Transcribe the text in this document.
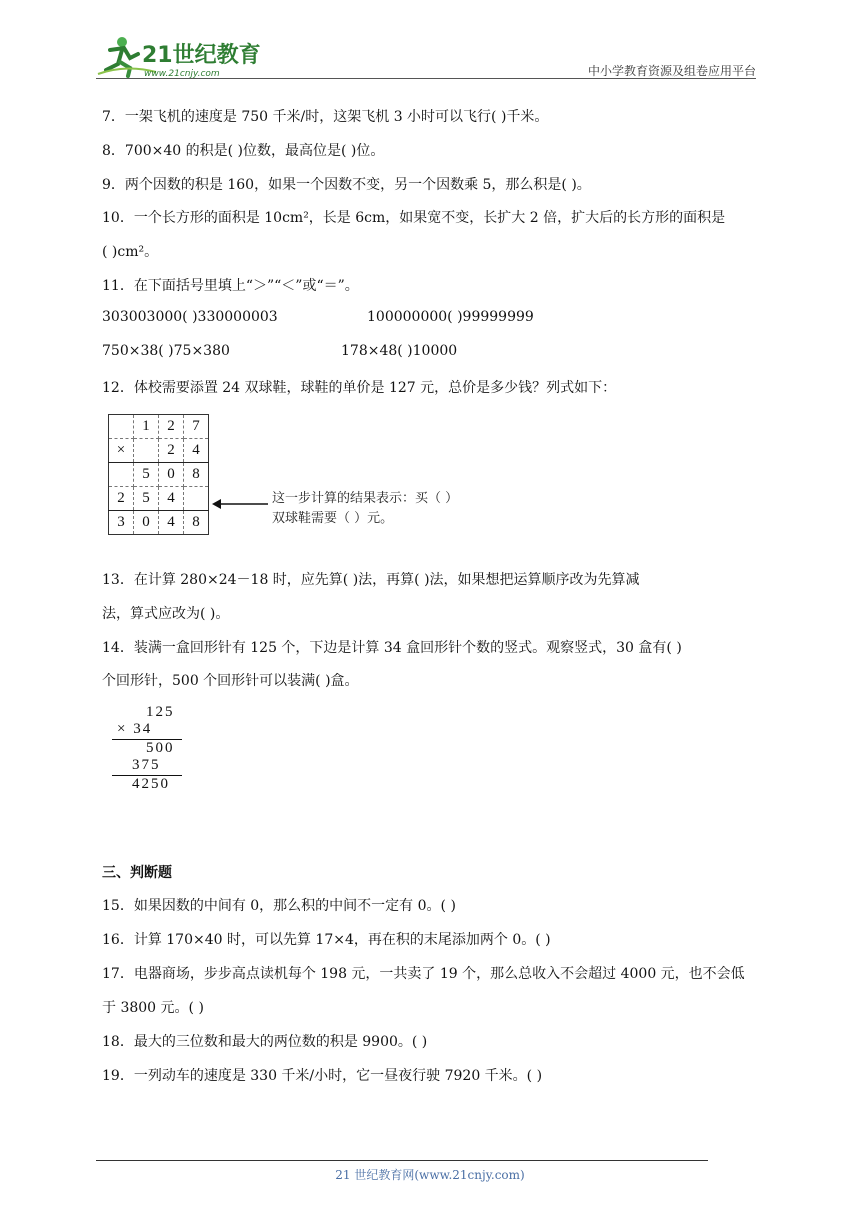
21世纪教育
www.21cnjy.com	中小学教育资源及组卷应用平台
7．一架飞机的速度是 750 千米/时，这架飞机 3 小时可以飞行( )千米。
8．700×40 的积是( )位数，最高位是( )位。
9．两个因数的积是 160，如果一个因数不变，另一个因数乘 5，那么积是( )。
10．一个长方形的面积是 10cm²，长是 6cm，如果宽不变，长扩大 2 倍，扩大后的长方形的面积是
( )cm²。
11．在下面括号里填上“＞”“＜”或“＝”。
303003000( )330000003	100000000( )99999999
750×38( )75×380	178×48( )10000
12．体校需要添置 24 双球鞋，球鞋的单价是 127 元，总价是多少钱？列式如下：
	1	2	7
×		2	4
	5	0	8
2	5	4	
3	0	4	8
这一步计算的结果表示：买（ ）
双球鞋需要（ ）元。
13．在计算 280×24－18 时，应先算( )法，再算( )法，如果想把运算顺序改为先算减
法，算式应改为( )。
14．装满一盒回形针有 125 个，下边是计算 34 盒回形针个数的竖式。观察竖式，30 盒有( )
个回形针，500 个回形针可以装满( )盒。
125
× 34
500
375
4250
三、判断题
15．如果因数的中间有 0，那么积的中间不一定有 0。( )
16．计算 170×40 时，可以先算 17×4，再在积的末尾添加两个 0。( )
17．电器商场，步步高点读机每个 198 元，一共卖了 19 个，那么总收入不会超过 4000 元，也不会低
于 3800 元。( )
18．最大的三位数和最大的两位数的积是 9900。( )
19．一列动车的速度是 330 千米/小时，它一昼夜行驶 7920 千米。( )
21 世纪教育网(www.21cnjy.com)
